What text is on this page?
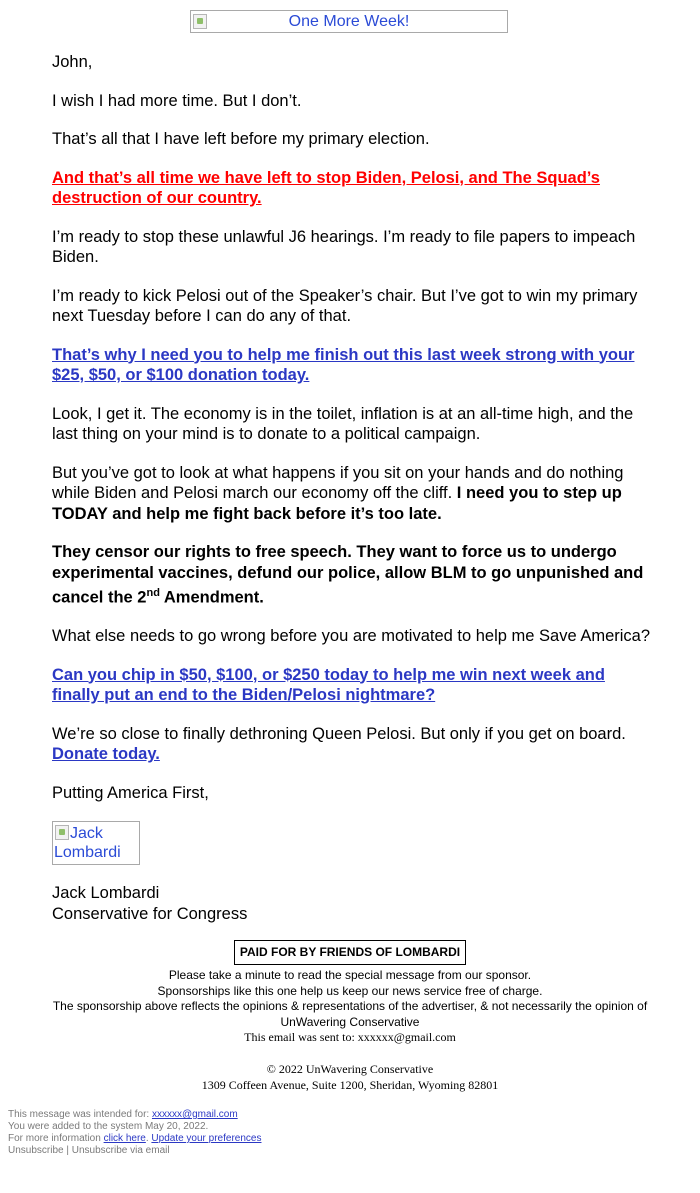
One More Week!

John,

I wish I had more time. But I don’t.

That’s all that I have left before my primary election.

And that’s all time we have left to stop Biden, Pelosi, and The Squad’s destruction of our country.

I’m ready to stop these unlawful J6 hearings. I’m ready to file papers to impeach Biden.

I’m ready to kick Pelosi out of the Speaker’s chair. But I’ve got to win my primary next Tuesday before I can do any of that.

That’s why I need you to help me finish out this last week strong with your $25, $50, or $100 donation today.

Look, I get it. The economy is in the toilet, inflation is at an all-time high, and the last thing on your mind is to donate to a political campaign.

But you’ve got to look at what happens if you sit on your hands and do nothing while Biden and Pelosi march our economy off the cliff. I need you to step up TODAY and help me fight back before it’s too late.

They censor our rights to free speech. They want to force us to undergo experimental vaccines, defund our police, allow BLM to go unpunished and cancel the 2nd Amendment.

What else needs to go wrong before you are motivated to help me Save America?

Can you chip in $50, $100, or $250 today to help me win next week and finally put an end to the Biden/Pelosi nightmare?

We’re so close to finally dethroning Queen Pelosi. But only if you get on board. Donate today.

Putting America First,

Jack Lombardi
Jack Lombardi
Conservative for Congress
PAID FOR BY FRIENDS OF LOMBARDI
Please take a minute to read the special message from our sponsor.
Sponsorships like this one help us keep our news service free of charge.
The sponsorship above reflects the opinions & representations of the advertiser, & not necessarily the opinion of UnWavering Conservative
This email was sent to: xxxxxx@gmail.com
© 2022 UnWavering Conservative
1309 Coffeen Avenue, Suite 1200, Sheridan, Wyoming 82801
This message was intended for: xxxxxx@gmail.com
You were added to the system May 20, 2022.
For more information click here. Update your preferences
Unsubscribe | Unsubscribe via email
